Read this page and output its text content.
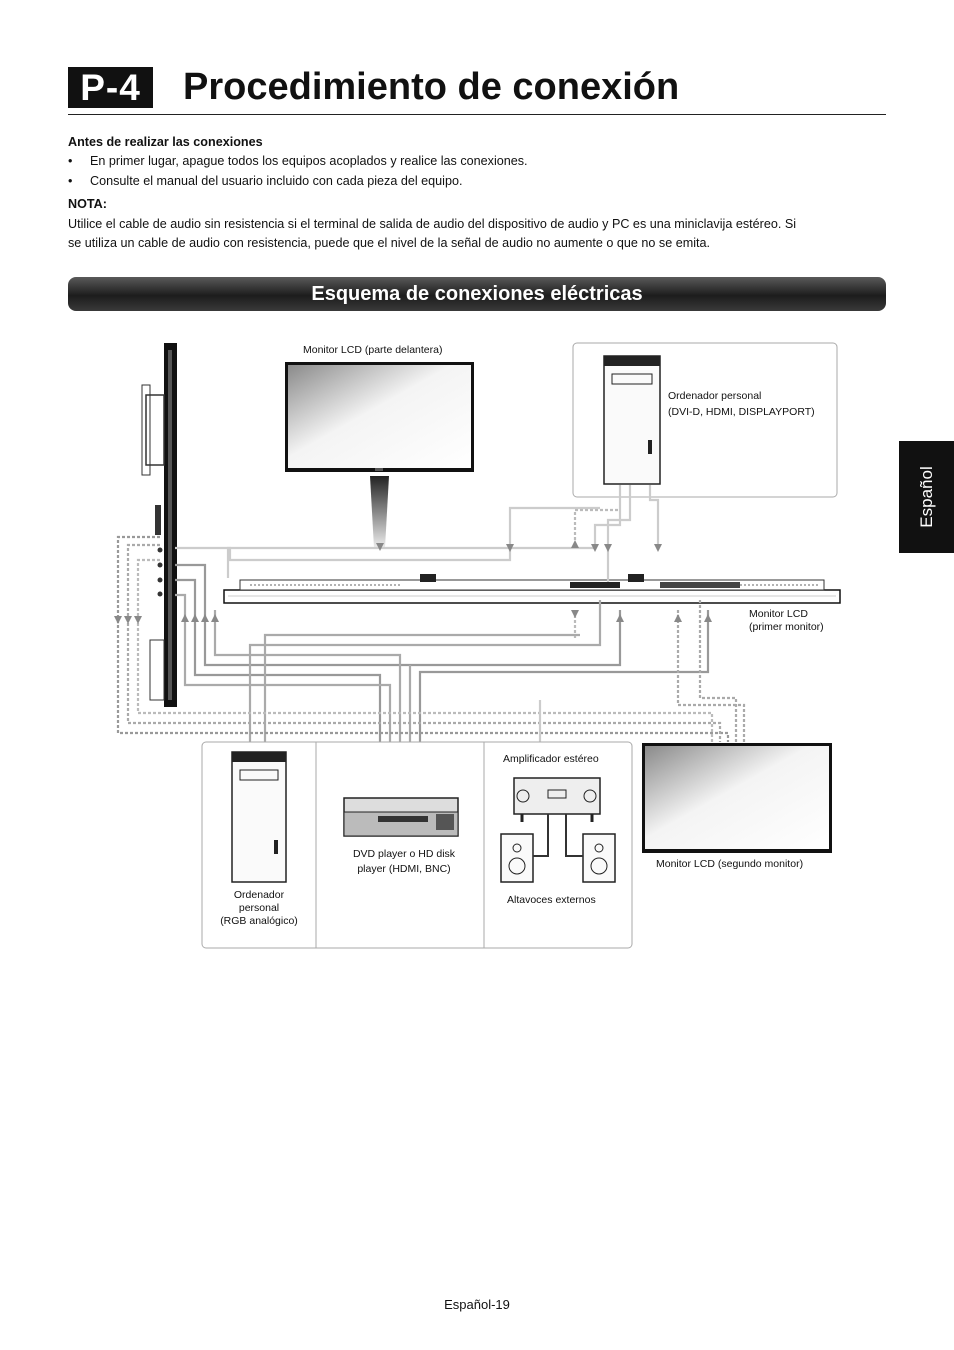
P-4	Procedimiento de conexión
Español
Antes de realizar las conexiones
• En primer lugar, apague todos los equipos acoplados y realice las conexiones.
• Consulte el manual del usuario incluido con cada pieza del equipo.
NOTA:
Utilice el cable de audio sin resistencia si el terminal de salida de audio del dispositivo de audio y PC es una miniclavija estéreo. Si
se utiliza un cable de audio con resistencia, puede que el nivel de la señal de audio no aumente o que no se emita.
Esquema de conexiones eléctricas
Monitor LCD (parte delantera)
Ordenador personal
(DVI-D, HDMI, DISPLAYPORT)
Monitor LCD
(primer monitor)
Amplificador estéreo
DVD player o HD disk
player (HDMI, BNC)
Ordenador
personal
(RGB analógico)
Altavoces externos
Monitor LCD (segundo monitor)
Español-19
